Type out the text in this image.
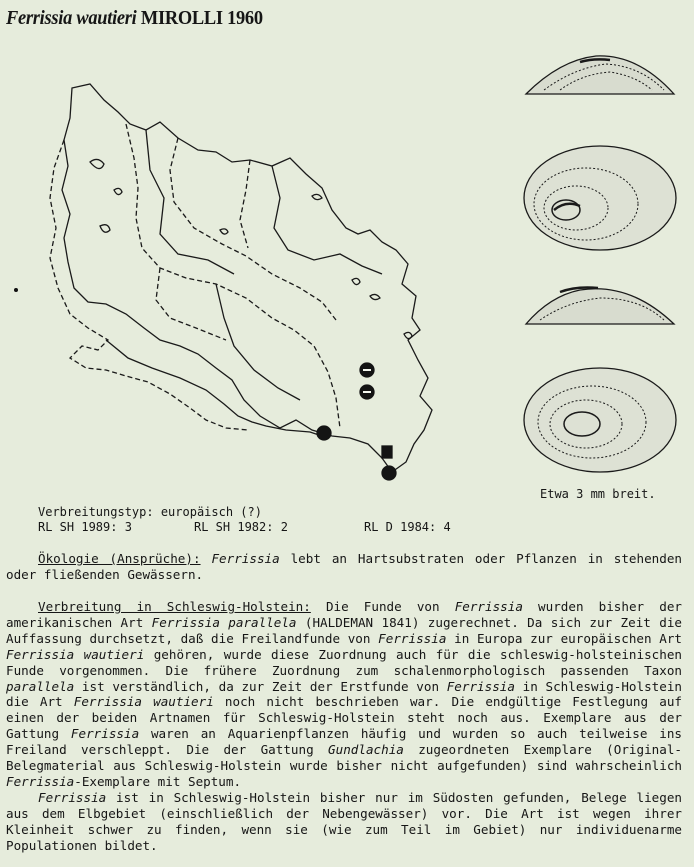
Ferrissia wautieri MIROLLI 1960
Etwa 3 mm breit.
Verbreitungstyp: europäisch (?)
RL SH 1989: 3	RL SH 1982: 2	RL D 1984: 4

Ökologie (Ansprüche): Ferrissia lebt an Hartsubstraten oder Pflanzen in stehenden oder fließenden Gewässern.

Verbreitung in Schleswig-Holstein: Die Funde von Ferrissia wurden bisher der amerikanischen Art Ferrissia parallela (HALDEMAN 1841) zugerechnet. Da sich zur Zeit die Auffassung durchsetzt, daß die Freilandfunde von Ferrissia in Europa zur europäischen Art Ferrissia wautieri gehören, wurde diese Zuordnung auch für die schleswig-holsteinischen Funde vorgenommen. Die frühere Zuordnung zum schalenmorphologisch passenden Taxon parallela ist verständlich, da zur Zeit der Erstfunde von Ferrissia in Schleswig-Holstein die Art Ferrissia wautieri noch nicht beschrieben war. Die endgültige Festlegung auf einen der beiden Artnamen für Schleswig-Holstein steht noch aus. Exemplare aus der Gattung Ferrissia waren an Aquarienpflanzen häufig und wurden so auch teilweise ins Freiland verschleppt. Die der Gattung Gundlachia zugeordneten Exemplare (Original-Belegmaterial aus Schleswig-Holstein wurde bisher nicht aufgefunden) sind wahrscheinlich Ferrissia-Exemplare mit Septum.
Ferrissia ist in Schleswig-Holstein bisher nur im Südosten gefunden, Belege liegen aus dem Elbgebiet (einschließlich der Nebengewässer) vor. Die Art ist wegen ihrer Kleinheit schwer zu finden, wenn sie (wie zum Teil im Gebiet) nur individuenarme Populationen bildet.
